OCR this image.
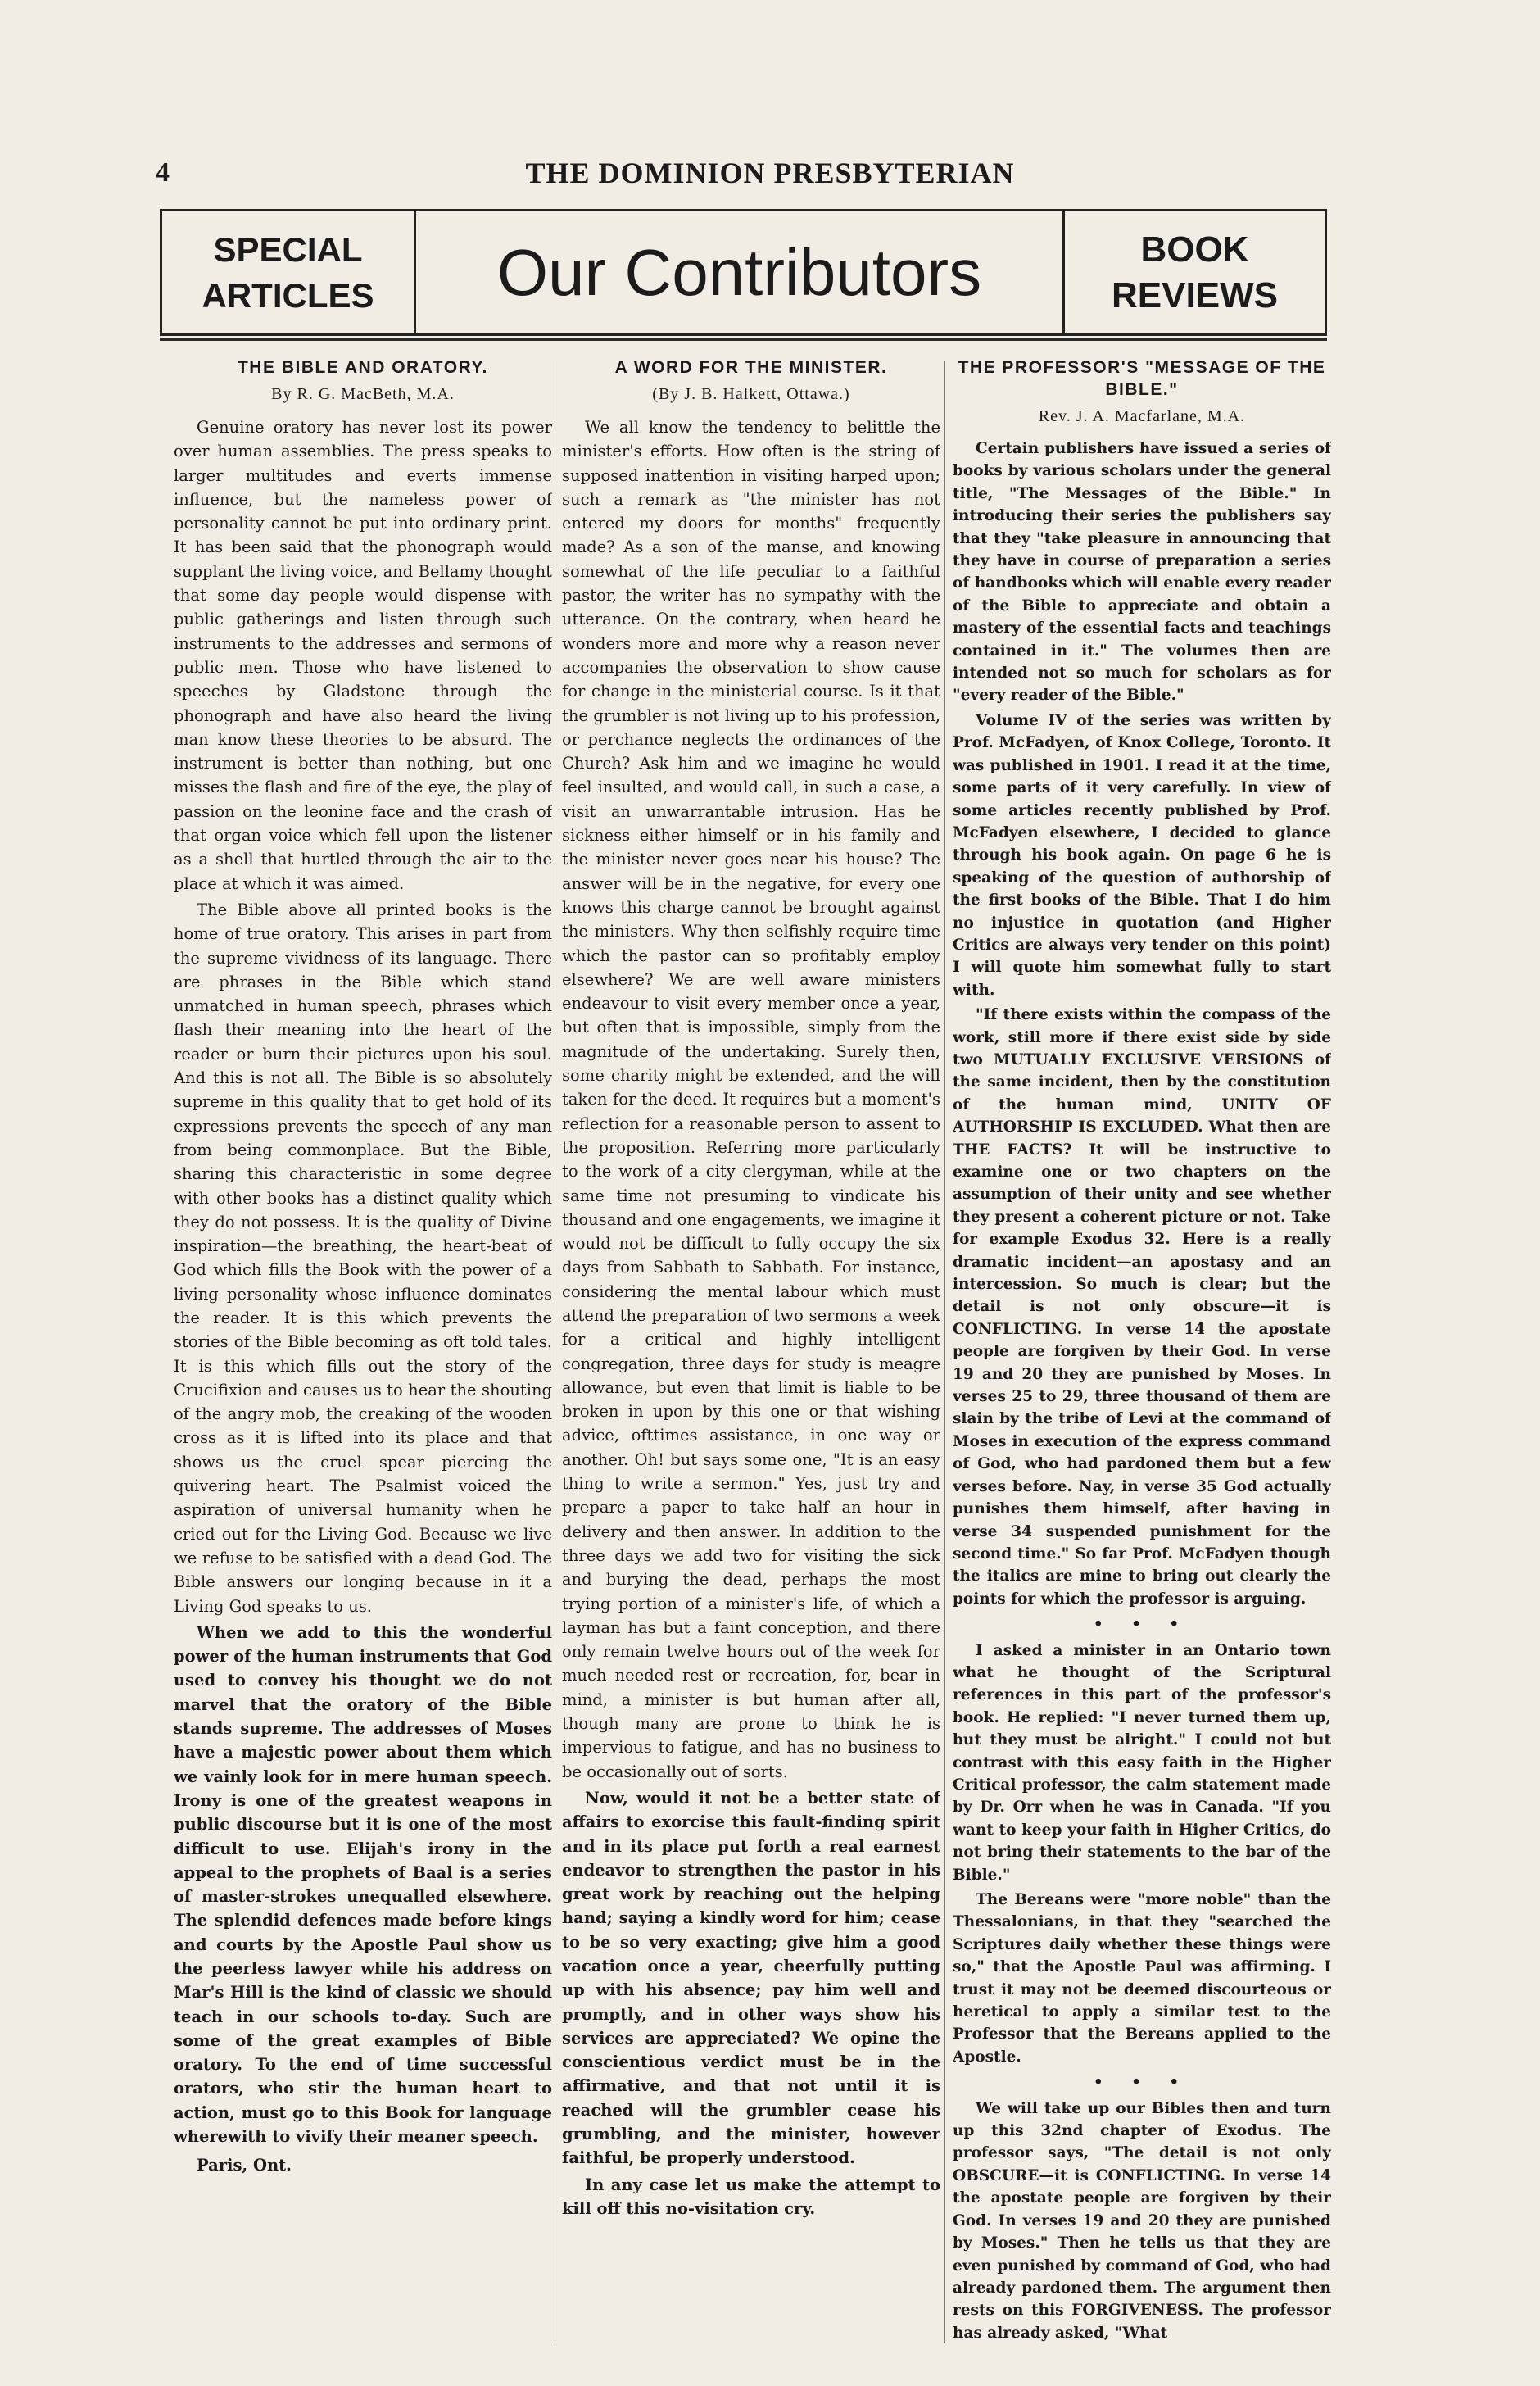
4	THE DOMINION PRESBYTERIAN
SPECIAL
ARTICLES	Our Contributors	BOOK
REVIEWS
THE BIBLE AND ORATORY.
By R. G. MacBeth, M.A.

Genuine oratory has never lost its power over human assemblies. The press speaks to larger multitudes and everts immense influence, but the nameless power of personality cannot be put into ordinary print. It has been said that the phonograph would supplant the living voice, and Bellamy thought that some day people would dispense with public gatherings and listen through such instruments to the addresses and sermons of public men. Those who have listened to speeches by Gladstone through the phonograph and have also heard the living man know these theories to be absurd. The instrument is better than nothing, but one misses the flash and fire of the eye, the play of passion on the leonine face and the crash of that organ voice which fell upon the listener as a shell that hurtled through the air to the place at which it was aimed.

The Bible above all printed books is the home of true oratory. This arises in part from the supreme vividness of its language. There are phrases in the Bible which stand unmatched in human speech, phrases which flash their meaning into the heart of the reader or burn their pictures upon his soul. And this is not all. The Bible is so absolutely supreme in this quality that to get hold of its expressions prevents the speech of any man from being commonplace. But the Bible, sharing this characteristic in some degree with other books has a distinct quality which they do not possess. It is the quality of Divine inspiration—the breathing, the heart-beat of God which fills the Book with the power of a living personality whose influence dominates the reader. It is this which prevents the stories of the Bible becoming as oft told tales. It is this which fills out the story of the Crucifixion and causes us to hear the shouting of the angry mob, the creaking of the wooden cross as it is lifted into its place and that shows us the cruel spear piercing the quivering heart. The Psalmist voiced the aspiration of universal humanity when he cried out for the Living God. Because we live we refuse to be satisfied with a dead God. The Bible answers our longing because in it a Living God speaks to us.

When we add to this the wonderful power of the human instruments that God used to convey his thought we do not marvel that the oratory of the Bible stands supreme. The addresses of Moses have a majestic power about them which we vainly look for in mere human speech. Irony is one of the greatest weapons in public discourse but it is one of the most difficult to use. Elijah's irony in the appeal to the prophets of Baal is a series of master-strokes unequalled elsewhere. The splendid defences made before kings and courts by the Apostle Paul show us the peerless lawyer while his address on Mar's Hill is the kind of classic we should teach in our schools to-day. Such are some of the great examples of Bible oratory. To the end of time successful orators, who stir the human heart to action, must go to this Book for language wherewith to vivify their meaner speech.

Paris, Ont.

A WORD FOR THE MINISTER.
(By J. B. Halkett, Ottawa.)

We all know the tendency to belittle the minister's efforts. How often is the string of supposed inattention in visiting harped upon; such a remark as "the minister has not entered my doors for months" frequently made? As a son of the manse, and knowing somewhat of the life peculiar to a faithful pastor, the writer has no sympathy with the utterance. On the contrary, when heard he wonders more and more why a reason never accompanies the observation to show cause for change in the ministerial course. Is it that the grumbler is not living up to his profession, or perchance neglects the ordinances of the Church? Ask him and we imagine he would feel insulted, and would call, in such a case, a visit an unwarrantable intrusion. Has he sickness either himself or in his family and the minister never goes near his house? The answer will be in the negative, for every one knows this charge cannot be brought against the ministers. Why then selfishly require time which the pastor can so profitably employ elsewhere? We are well aware ministers endeavour to visit every member once a year, but often that is impossible, simply from the magnitude of the undertaking. Surely then, some charity might be extended, and the will taken for the deed. It requires but a moment's reflection for a reasonable person to assent to the proposition. Referring more particularly to the work of a city clergyman, while at the same time not presuming to vindicate his thousand and one engagements, we imagine it would not be difficult to fully occupy the six days from Sabbath to Sabbath. For instance, considering the mental labour which must attend the preparation of two sermons a week for a critical and highly intelligent congregation, three days for study is meagre allowance, but even that limit is liable to be broken in upon by this one or that wishing advice, ofttimes assistance, in one way or another. Oh! but says some one, "It is an easy thing to write a sermon." Yes, just try and prepare a paper to take half an hour in delivery and then answer. In addition to the three days we add two for visiting the sick and burying the dead, perhaps the most trying portion of a minister's life, of which a layman has but a faint conception, and there only remain twelve hours out of the week for much needed rest or recreation, for, bear in mind, a minister is but human after all, though many are prone to think he is impervious to fatigue, and has no business to be occasionally out of sorts.

Now, would it not be a better state of affairs to exorcise this fault-finding spirit and in its place put forth a real earnest endeavor to strengthen the pastor in his great work by reaching out the helping hand; saying a kindly word for him; cease to be so very exacting; give him a good vacation once a year, cheerfully putting up with his absence; pay him well and promptly, and in other ways show his services are appreciated? We opine the conscientious verdict must be in the affirmative, and that not until it is reached will the grumbler cease his grumbling, and the minister, however faithful, be properly understood.

In any case let us make the attempt to kill off this no-visitation cry.

THE PROFESSOR'S "MESSAGE OF THE BIBLE."
Rev. J. A. Macfarlane, M.A.

Certain publishers have issued a series of books by various scholars under the general title, "The Messages of the Bible." In introducing their series the publishers say that they "take pleasure in announcing that they have in course of preparation a series of handbooks which will enable every reader of the Bible to appreciate and obtain a mastery of the essential facts and teachings contained in it." The volumes then are intended not so much for scholars as for "every reader of the Bible."

Volume IV of the series was written by Prof. McFadyen, of Knox College, Toronto. It was published in 1901. I read it at the time, some parts of it very carefully. In view of some articles recently published by Prof. McFadyen elsewhere, I decided to glance through his book again. On page 6 he is speaking of the question of authorship of the first books of the Bible. That I do him no injustice in quotation (and Higher Critics are always very tender on this point) I will quote him somewhat fully to start with.

"If there exists within the compass of the work, still more if there exist side by side two MUTUALLY EXCLUSIVE VERSIONS of the same incident, then by the constitution of the human mind, UNITY OF AUTHORSHIP IS EXCLUDED. What then are THE FACTS? It will be instructive to examine one or two chapters on the assumption of their unity and see whether they present a coherent picture or not. Take for example Exodus 32. Here is a really dramatic incident—an apostasy and an intercession. So much is clear; but the detail is not only obscure—it is CONFLICTING. In verse 14 the apostate people are forgiven by their God. In verse 19 and 20 they are punished by Moses. In verses 25 to 29, three thousand of them are slain by the tribe of Levi at the command of Moses in execution of the express command of God, who had pardoned them but a few verses before. Nay, in verse 35 God actually punishes them himself, after having in verse 34 suspended punishment for the second time." So far Prof. McFadyen though the italics are mine to bring out clearly the points for which the professor is arguing.

• • •

I asked a minister in an Ontario town what he thought of the Scriptural references in this part of the professor's book. He replied: "I never turned them up, but they must be alright." I could not but contrast with this easy faith in the Higher Critical professor, the calm statement made by Dr. Orr when he was in Canada. "If you want to keep your faith in Higher Critics, do not bring their statements to the bar of the Bible."

The Bereans were "more noble" than the Thessalonians, in that they "searched the Scriptures daily whether these things were so," that the Apostle Paul was affirming. I trust it may not be deemed discourteous or heretical to apply a similar test to the Professor that the Bereans applied to the Apostle.

• • •

We will take up our Bibles then and turn up this 32nd chapter of Exodus. The professor says, "The detail is not only OBSCURE—it is CONFLICTING. In verse 14 the apostate people are forgiven by their God. In verses 19 and 20 they are punished by Moses." Then he tells us that they are even punished by command of God, who had already pardoned them. The argument then rests on this FORGIVENESS. The professor has already asked, "What
